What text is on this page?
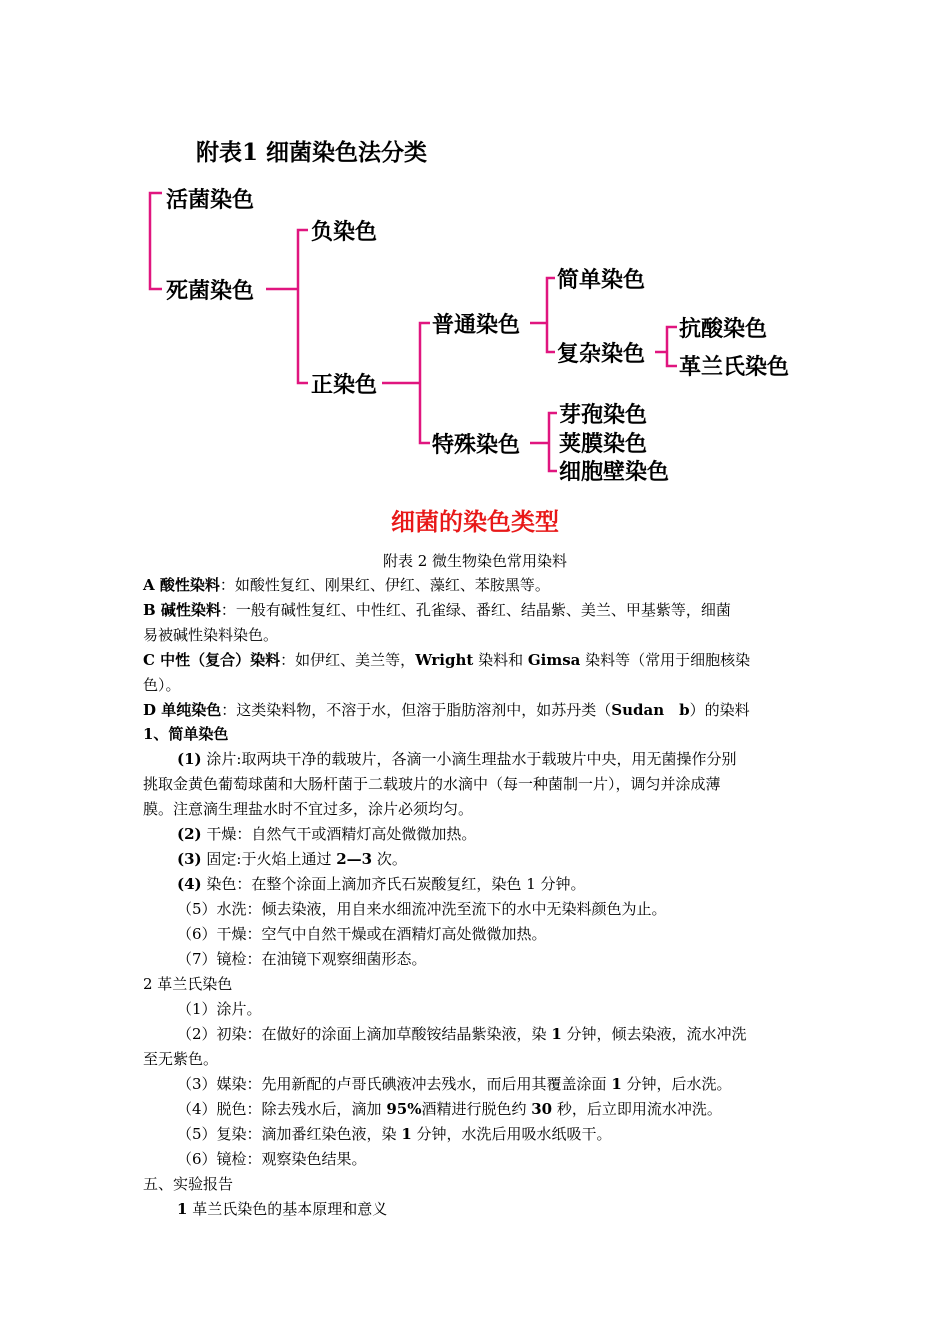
附表1 细菌染色法分类
活菌染色
死菌染色
负染色
正染色
普通染色
特殊染色
简单染色
复杂染色
抗酸染色
革兰氏染色
芽孢染色
荚膜染色
细胞壁染色
细菌的染色类型
附表 2 微生物染色常用染料
A 酸性染料：如酸性复红、刚果红、伊红、藻红、苯胺黑等。
B 碱性染料：一般有碱性复红、中性红、孔雀绿、番红、结晶紫、美兰、甲基紫等，细菌
易被碱性染料染色。
C 中性（复合）染料：如伊红、美兰等，Wright 染料和 Gimsa 染料等（常用于细胞核染
色）。
D 单纯染色：这类染料物，不溶于水，但溶于脂肪溶剂中，如苏丹类（Sudan　b）的染料
1、简单染色
(1) 涂片:取两块干净的载玻片，各滴一小滴生理盐水于载玻片中央，用无菌操作分别
挑取金黄色葡萄球菌和大肠杆菌于二载玻片的水滴中（每一种菌制一片），调匀并涂成薄
膜。注意滴生理盐水时不宜过多，涂片必须均匀。
(2) 干燥：自然气干或酒精灯高处微微加热。
(3) 固定:于火焰上通过 2—3 次。
(4) 染色：在整个涂面上滴加齐氏石炭酸复红，染色 1 分钟。
（5）水洗：倾去染液，用自来水细流冲洗至流下的水中无染料颜色为止。
（6）干燥：空气中自然干燥或在酒精灯高处微微加热。
（7）镜检：在油镜下观察细菌形态。
2 革兰氏染色
（1）涂片。
（2）初染：在做好的涂面上滴加草酸铵结晶紫染液，染 1 分钟，倾去染液，流水冲洗
至无紫色。
（3）媒染：先用新配的卢哥氏碘液冲去残水，而后用其覆盖涂面 1 分钟，后水洗。
（4）脱色：除去残水后，滴加 95%酒精进行脱色约 30 秒，后立即用流水冲洗。
（5）复染：滴加番红染色液，染 1 分钟，水洗后用吸水纸吸干。
（6）镜检：观察染色结果。
五、实验报告
1 革兰氏染色的基本原理和意义
